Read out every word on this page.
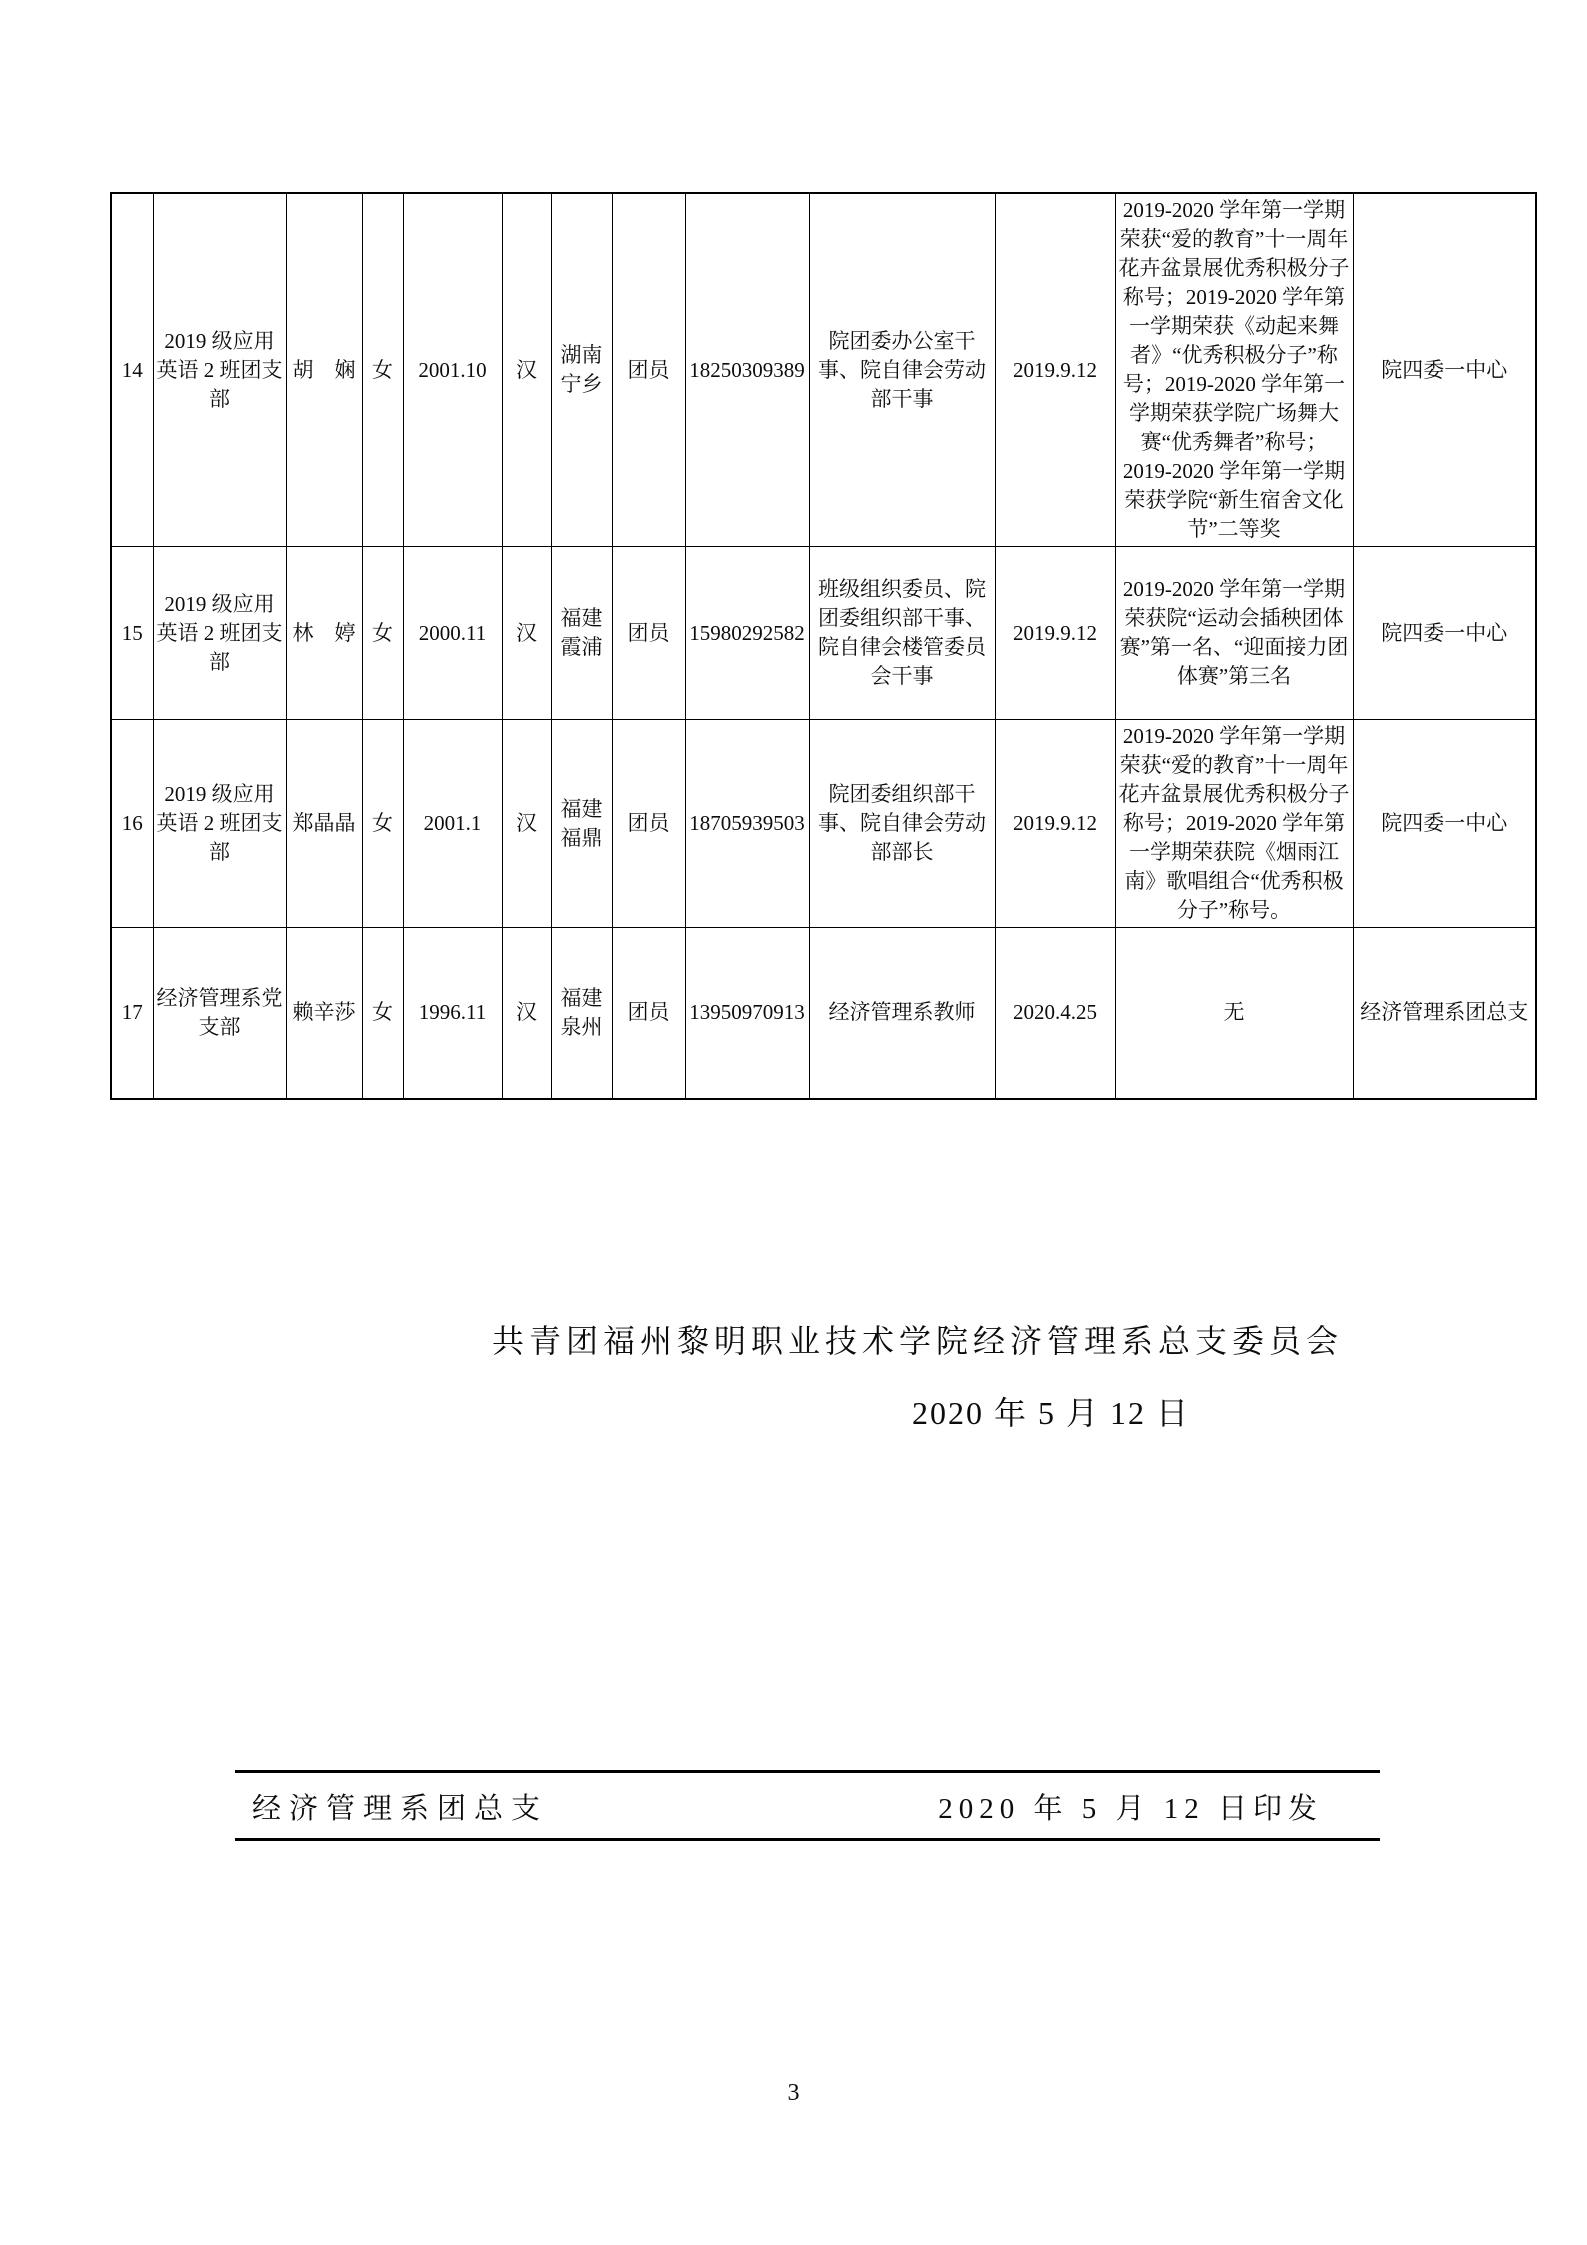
14	2019 级应用英语 2 班团支部	胡　娴	女	2001.10	汉	湖南宁乡	团员	18250309389	院团委办公室干事、院自律会劳动部干事	2019.9.12	2019-2020 学年第一学期荣获“爱的教育”十一周年花卉盆景展优秀积极分子称号；2019-2020 学年第一学期荣获《动起来舞者》“优秀积极分子”称号；2019-2020 学年第一学期荣获学院广场舞大赛“优秀舞者”称号；2019-2020 学年第一学期荣获学院“新生宿舍文化节”二等奖	院四委一中心
15	2019 级应用英语 2 班团支部	林　婷	女	2000.11	汉	福建霞浦	团员	15980292582	班级组织委员、院团委组织部干事、院自律会楼管委员会干事	2019.9.12	2019-2020 学年第一学期荣获院“运动会插秧团体赛”第一名、“迎面接力团体赛”第三名	院四委一中心
16	2019 级应用英语 2 班团支部	郑晶晶	女	2001.1	汉	福建福鼎	团员	18705939503	院团委组织部干事、院自律会劳动部部长	2019.9.12	2019-2020 学年第一学期荣获“爱的教育”十一周年花卉盆景展优秀积极分子称号；2019-2020 学年第一学期荣获院《烟雨江南》歌唱组合“优秀积极分子”称号。	院四委一中心
17	经济管理系党支部	赖辛莎	女	1996.11	汉	福建泉州	团员	13950970913	经济管理系教师	2020.4.25	无	经济管理系团总支
共青团福州黎明职业技术学院经济管理系总支委员会
2020 年 5 月 12 日
经济管理系团总支	2020 年 5 月 12 日印发
3
